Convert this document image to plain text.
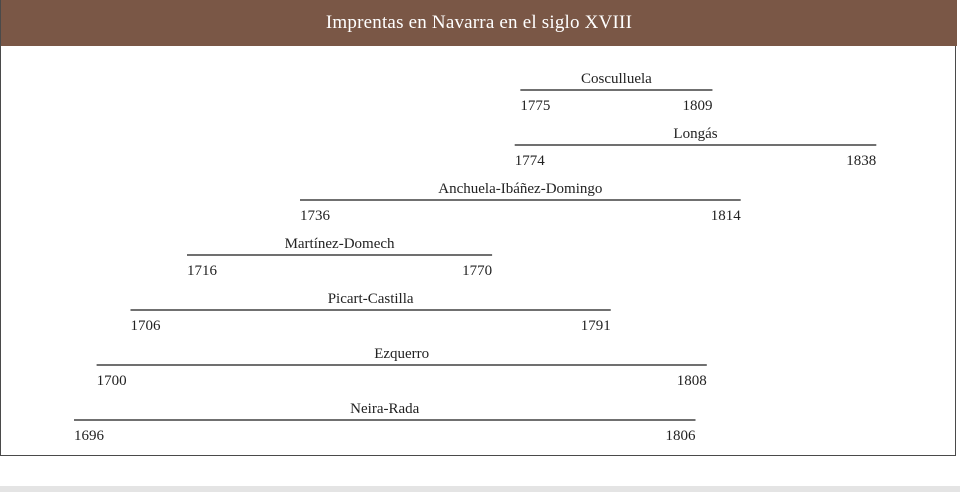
Imprentas en Navarra en el siglo XVIII
Cosculluela
1775	1809
Longás
1774	1838
Anchuela-Ibáñez-Domingo
1736	1814
Martínez-Domech
1716	1770
Picart-Castilla
1706	1791
Ezquerro
1700	1808
Neira-Rada
1696	1806
